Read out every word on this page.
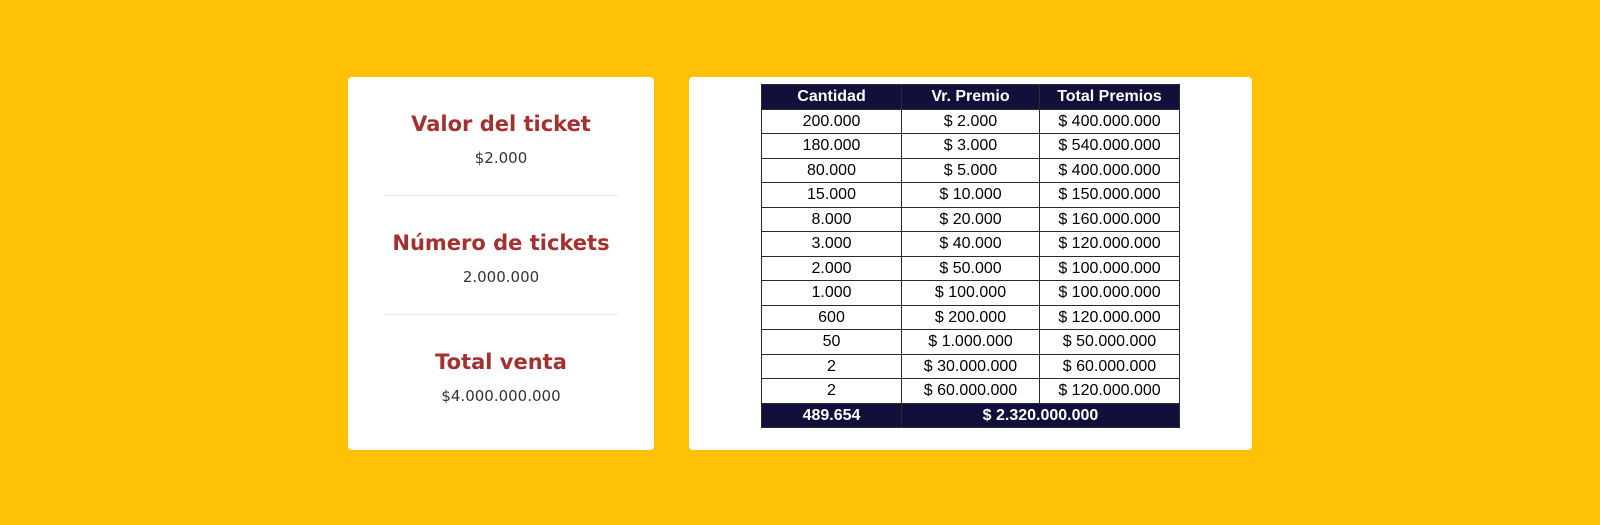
Valor del ticket
$2.000
Número de tickets
2.000.000
Total venta
$4.000.000.000
Cantidad	Vr. Premio	Total Premios
200.000	$ 2.000	$ 400.000.000
180.000	$ 3.000	$ 540.000.000
80.000	$ 5.000	$ 400.000.000
15.000	$ 10.000	$ 150.000.000
8.000	$ 20.000	$ 160.000.000
3.000	$ 40.000	$ 120.000.000
2.000	$ 50.000	$ 100.000.000
1.000	$ 100.000	$ 100.000.000
600	$ 200.000	$ 120.000.000
50	$ 1.000.000	$ 50.000.000
2	$ 30.000.000	$ 60.000.000
2	$ 60.000.000	$ 120.000.000
489.654	$ 2.320.000.000	
